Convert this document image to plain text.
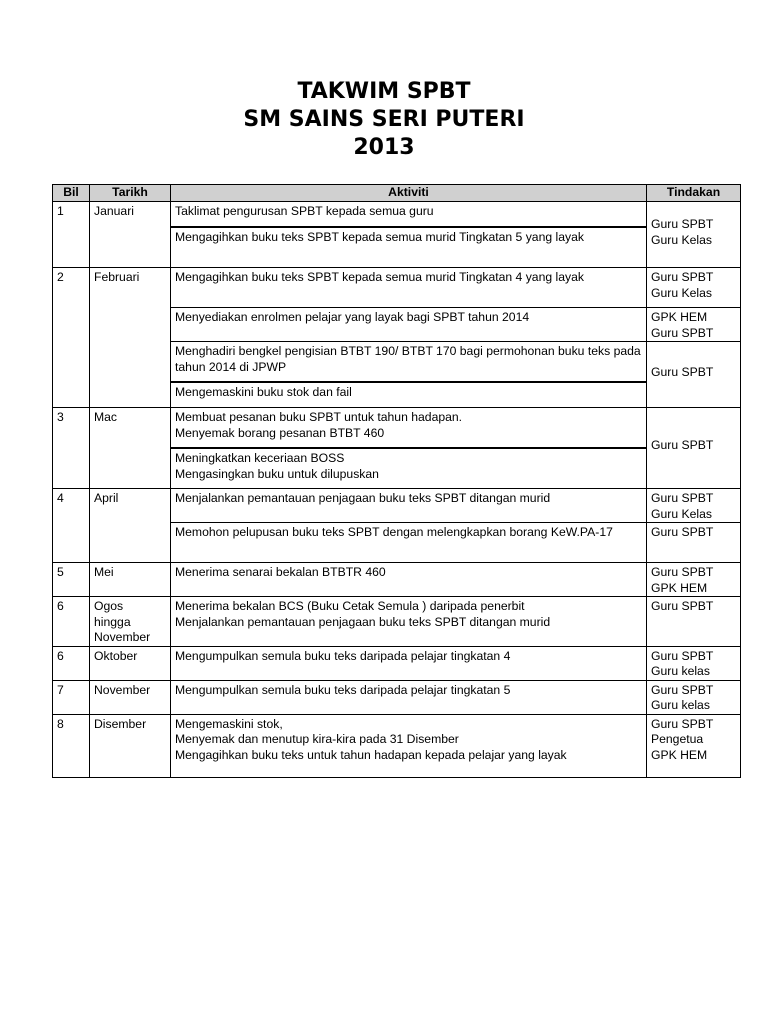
TAKWIM SPBT
SM SAINS SERI PUTERI
2013
Bil	Tarikh	Aktiviti	Tindakan
1	Januari	Taklimat pengurusan SPBT kepada semua guru	Guru SPBT
Guru Kelas

		Mengagihkan buku teks SPBT kepada semua murid Tingkatan 5 yang layak	
2	Februari	Mengagihkan buku teks SPBT kepada semua murid Tingkatan 4 yang layak	Guru SPBT
Guru Kelas

		Menyediakan enrolmen pelajar yang layak bagi SPBT tahun 2014	GPK HEM
Guru SPBT

		Menghadiri bengkel pengisian BTBT 190/ BTBT 170 bagi permohonan buku teks pada tahun 2014 di JPWP	Guru SPBT
		Mengemaskini buku stok dan fail	
3	Mac	Membuat pesanan buku SPBT untuk tahun hadapan.
Menyemak borang pesanan BTBT 460	Guru SPBT

		Meningkatkan keceriaan BOSS
Mengasingkan buku untuk dilupuskan	

4	April	Menjalankan pemantauan penjagaan buku teks SPBT ditangan murid	Guru SPBT
Guru Kelas

		Memohon pelupusan buku teks SPBT dengan melengkapkan borang KeW.PA-17	Guru SPBT
5	Mei	Menerima senarai bekalan BTBTR 460	Guru SPBT
GPK HEM

6	Ogos
hingga
November	Menerima bekalan BCS (Buku Cetak Semula ) daripada penerbit
Menjalankan pemantauan penjagaan buku teks SPBT ditangan murid	Guru SPBT
6	Oktober	Mengumpulkan semula buku teks daripada pelajar tingkatan 4	Guru SPBT
Guru kelas

7	November	Mengumpulkan semula buku teks daripada pelajar tingkatan 5	Guru SPBT
Guru kelas

8	Disember	Mengemaskini stok,
Menyemak dan menutup kira-kira pada 31 Disember
Mengagihkan buku teks untuk tahun hadapan kepada pelajar yang layak	Guru SPBT
Pengetua
GPK HEM
